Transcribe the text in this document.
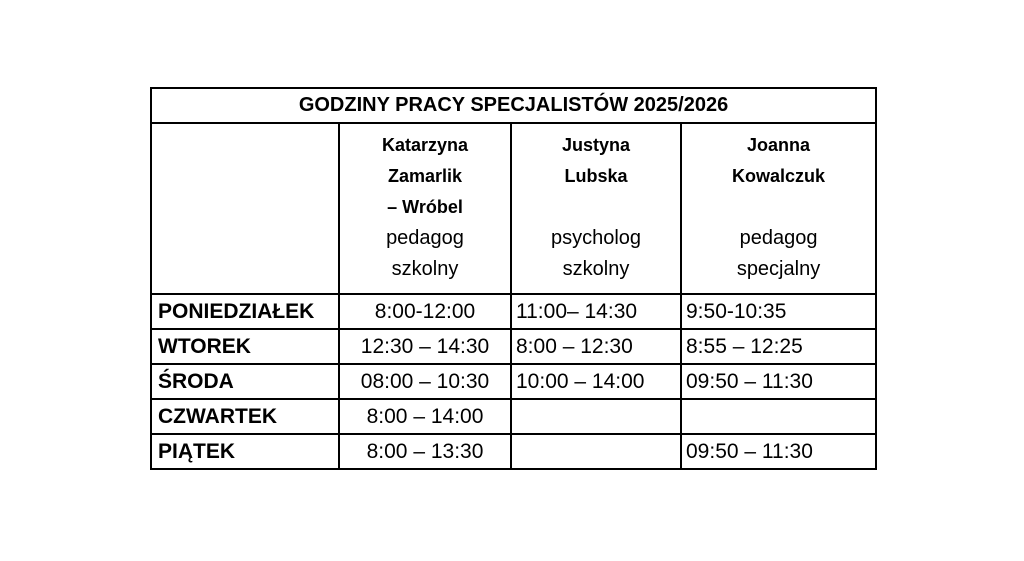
GODZINY PRACY SPECJALISTÓW 2025/2026			

	Katarzyna
Zamarlik
– Wróbel
pedagog
szkolny	Justyna
Lubska
psycholog
szkolny	Joanna
Kowalczuk
pedagog
specjalny

PONIEDZIAŁEK	8:00-12:00	11:00– 14:30	9:50-10:35
WTOREK	12:30 – 14:30	8:00 – 12:30	8:55 – 12:25
ŚRODA	08:00 – 10:30	10:00 – 14:00	09:50 – 11:30
CZWARTEK	8:00 – 14:00		
PIĄTEK	8:00 – 13:30		09:50 – 11:30
